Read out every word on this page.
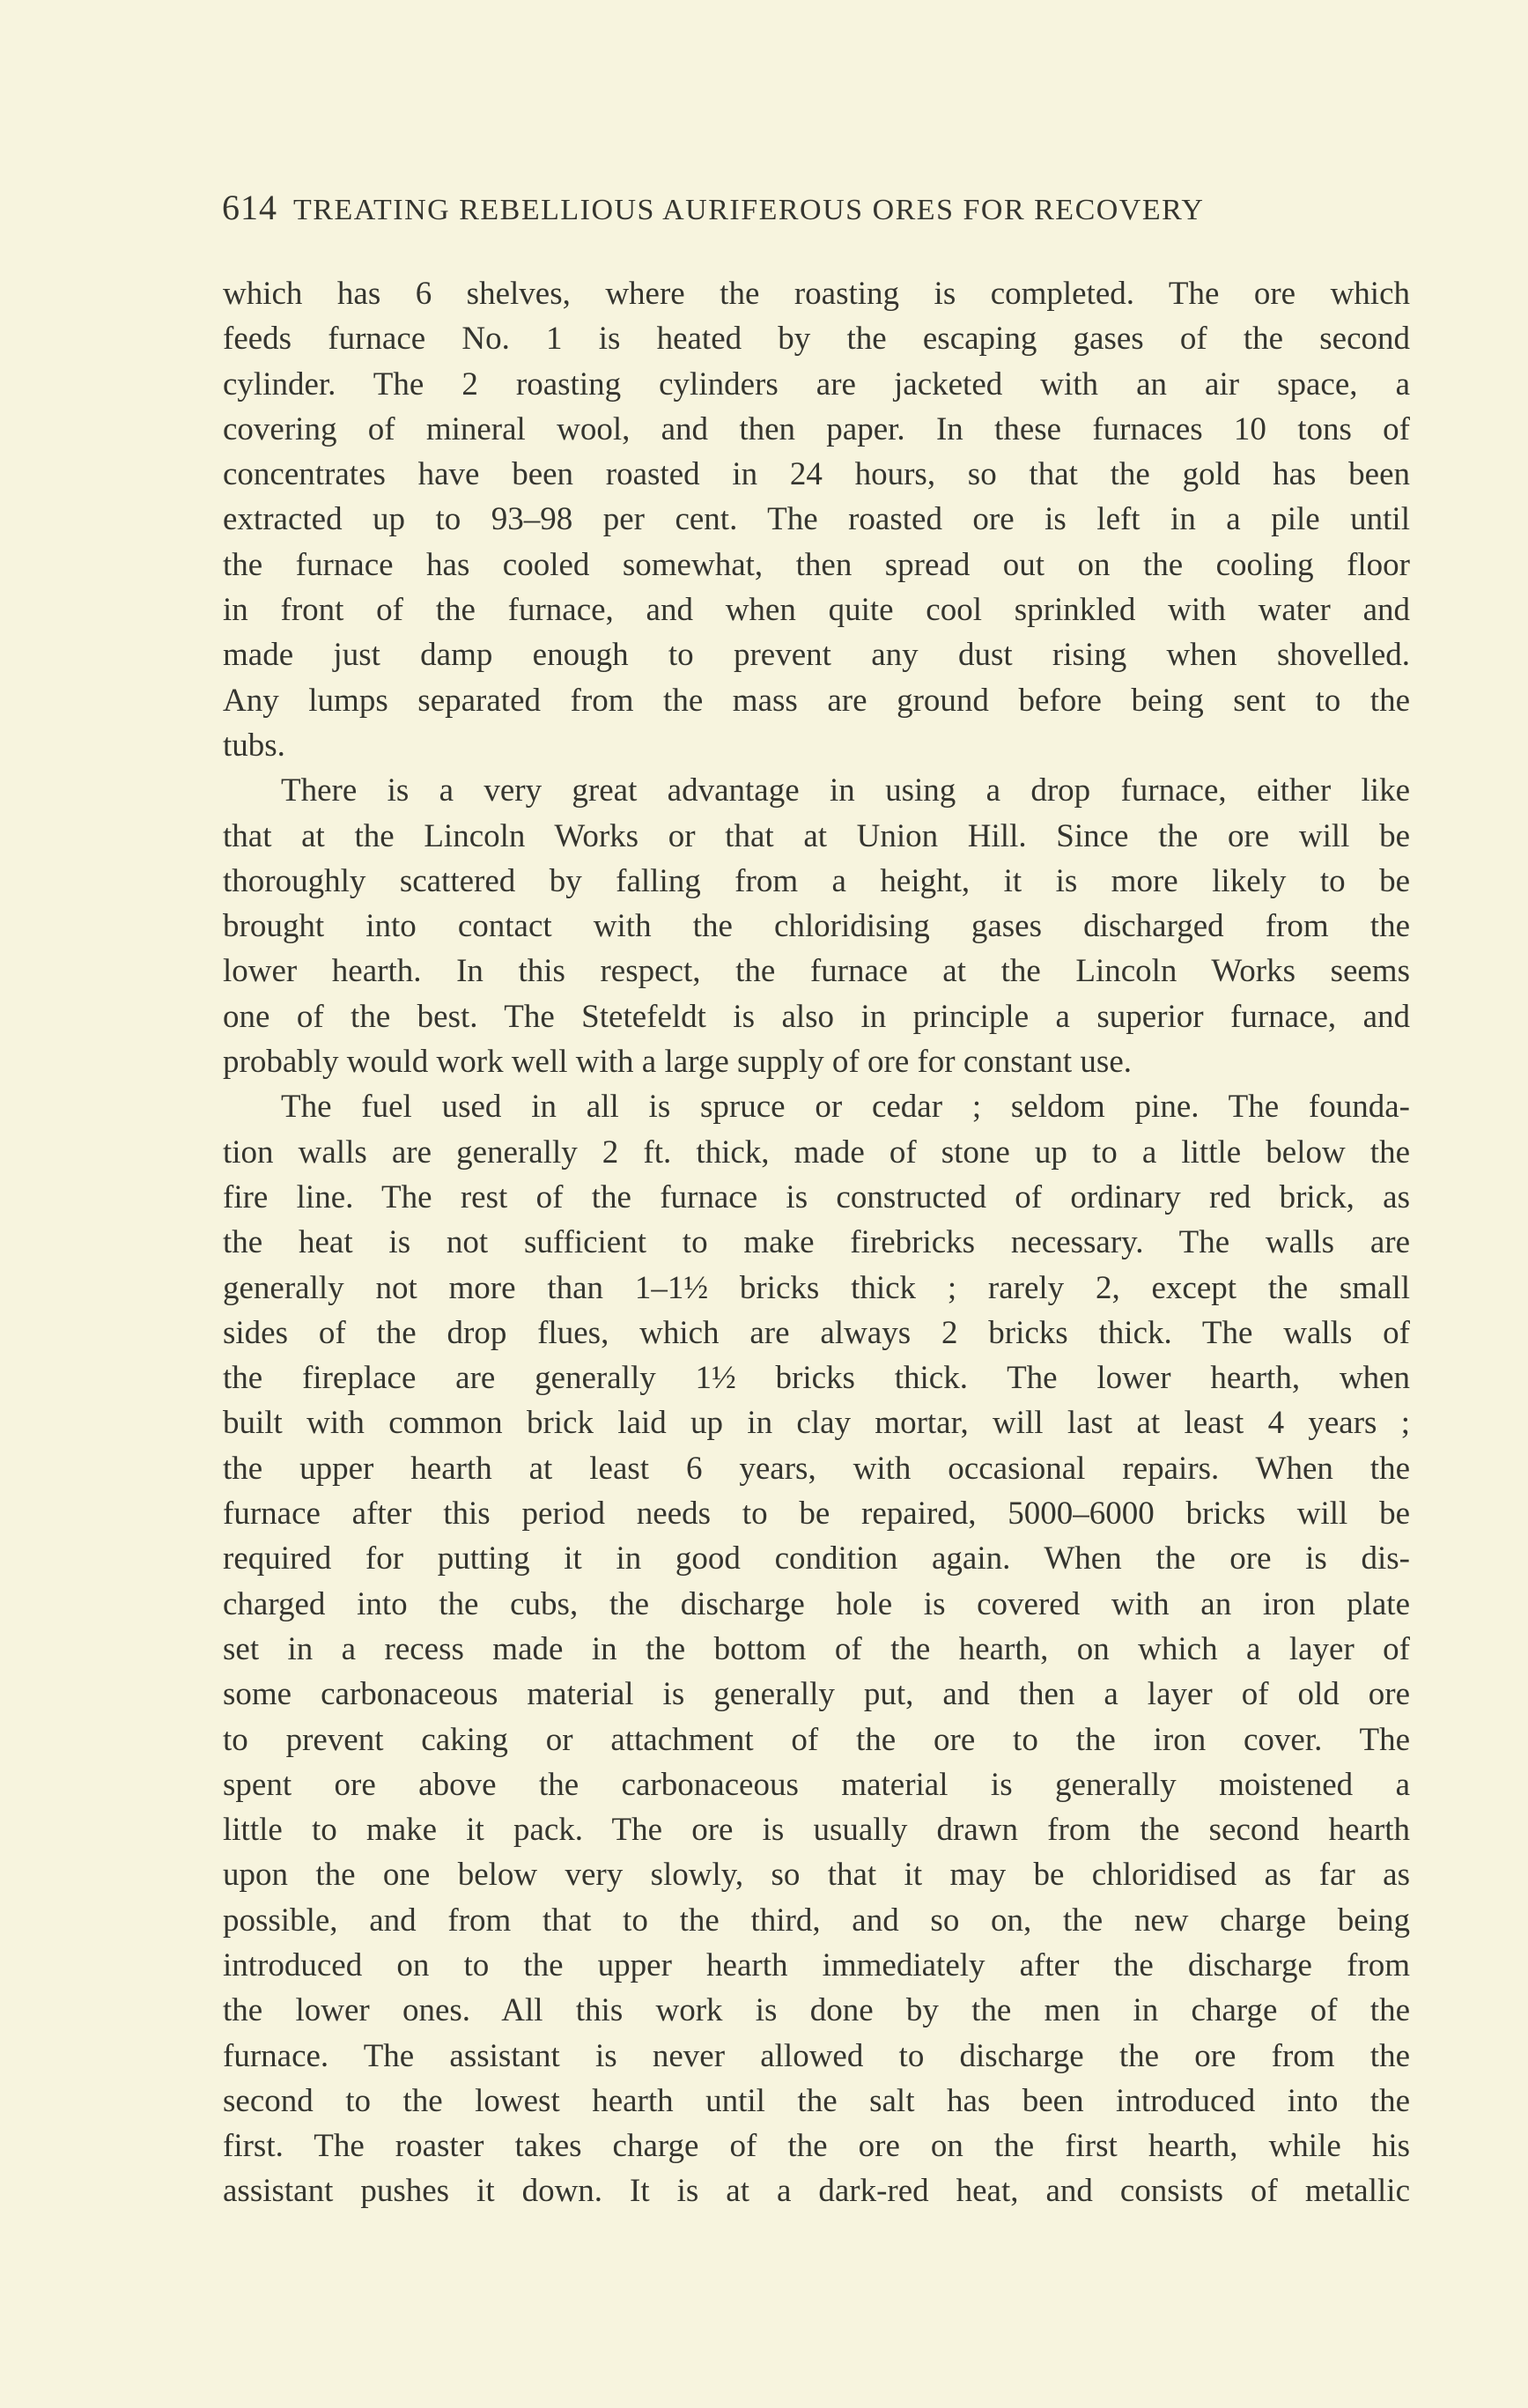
614 TREATING REBELLIOUS AURIFEROUS ORES FOR RECOVERY
which has 6 shelves, where the roasting is completed. The ore which
feeds furnace No. 1 is heated by the escaping gases of the second
cylinder. The 2 roasting cylinders are jacketed with an air space, a
covering of mineral wool, and then paper. In these furnaces 10 tons of
concentrates have been roasted in 24 hours, so that the gold has been
extracted up to 93–98 per cent. The roasted ore is left in a pile until
the furnace has cooled somewhat, then spread out on the cooling floor
in front of the furnace, and when quite cool sprinkled with water and
made just damp enough to prevent any dust rising when shovelled.
Any lumps separated from the mass are ground before being sent to the
tubs.
There is a very great advantage in using a drop furnace, either like
that at the Lincoln Works or that at Union Hill. Since the ore will be
thoroughly scattered by falling from a height, it is more likely to be
brought into contact with the chloridising gases discharged from the
lower hearth. In this respect, the furnace at the Lincoln Works seems
one of the best. The Stetefeldt is also in principle a superior furnace, and
probably would work well with a large supply of ore for constant use.
The fuel used in all is spruce or cedar ; seldom pine. The founda-
tion walls are generally 2 ft. thick, made of stone up to a little below the
fire line. The rest of the furnace is constructed of ordinary red brick, as
the heat is not sufficient to make firebricks necessary. The walls are
generally not more than 1–1½ bricks thick ; rarely 2, except the small
sides of the drop flues, which are always 2 bricks thick. The walls of
the fireplace are generally 1½ bricks thick. The lower hearth, when
built with common brick laid up in clay mortar, will last at least 4 years ;
the upper hearth at least 6 years, with occasional repairs. When the
furnace after this period needs to be repaired, 5000–6000 bricks will be
required for putting it in good condition again. When the ore is dis-
charged into the cubs, the discharge hole is covered with an iron plate
set in a recess made in the bottom of the hearth, on which a layer of
some carbonaceous material is generally put, and then a layer of old ore
to prevent caking or attachment of the ore to the iron cover. The
spent ore above the carbonaceous material is generally moistened a
little to make it pack. The ore is usually drawn from the second hearth
upon the one below very slowly, so that it may be chloridised as far as
possible, and from that to the third, and so on, the new charge being
introduced on to the upper hearth immediately after the discharge from
the lower ones. All this work is done by the men in charge of the
furnace. The assistant is never allowed to discharge the ore from the
second to the lowest hearth until the salt has been introduced into the
first. The roaster takes charge of the ore on the first hearth, while his
assistant pushes it down. It is at a dark-red heat, and consists of metallic
